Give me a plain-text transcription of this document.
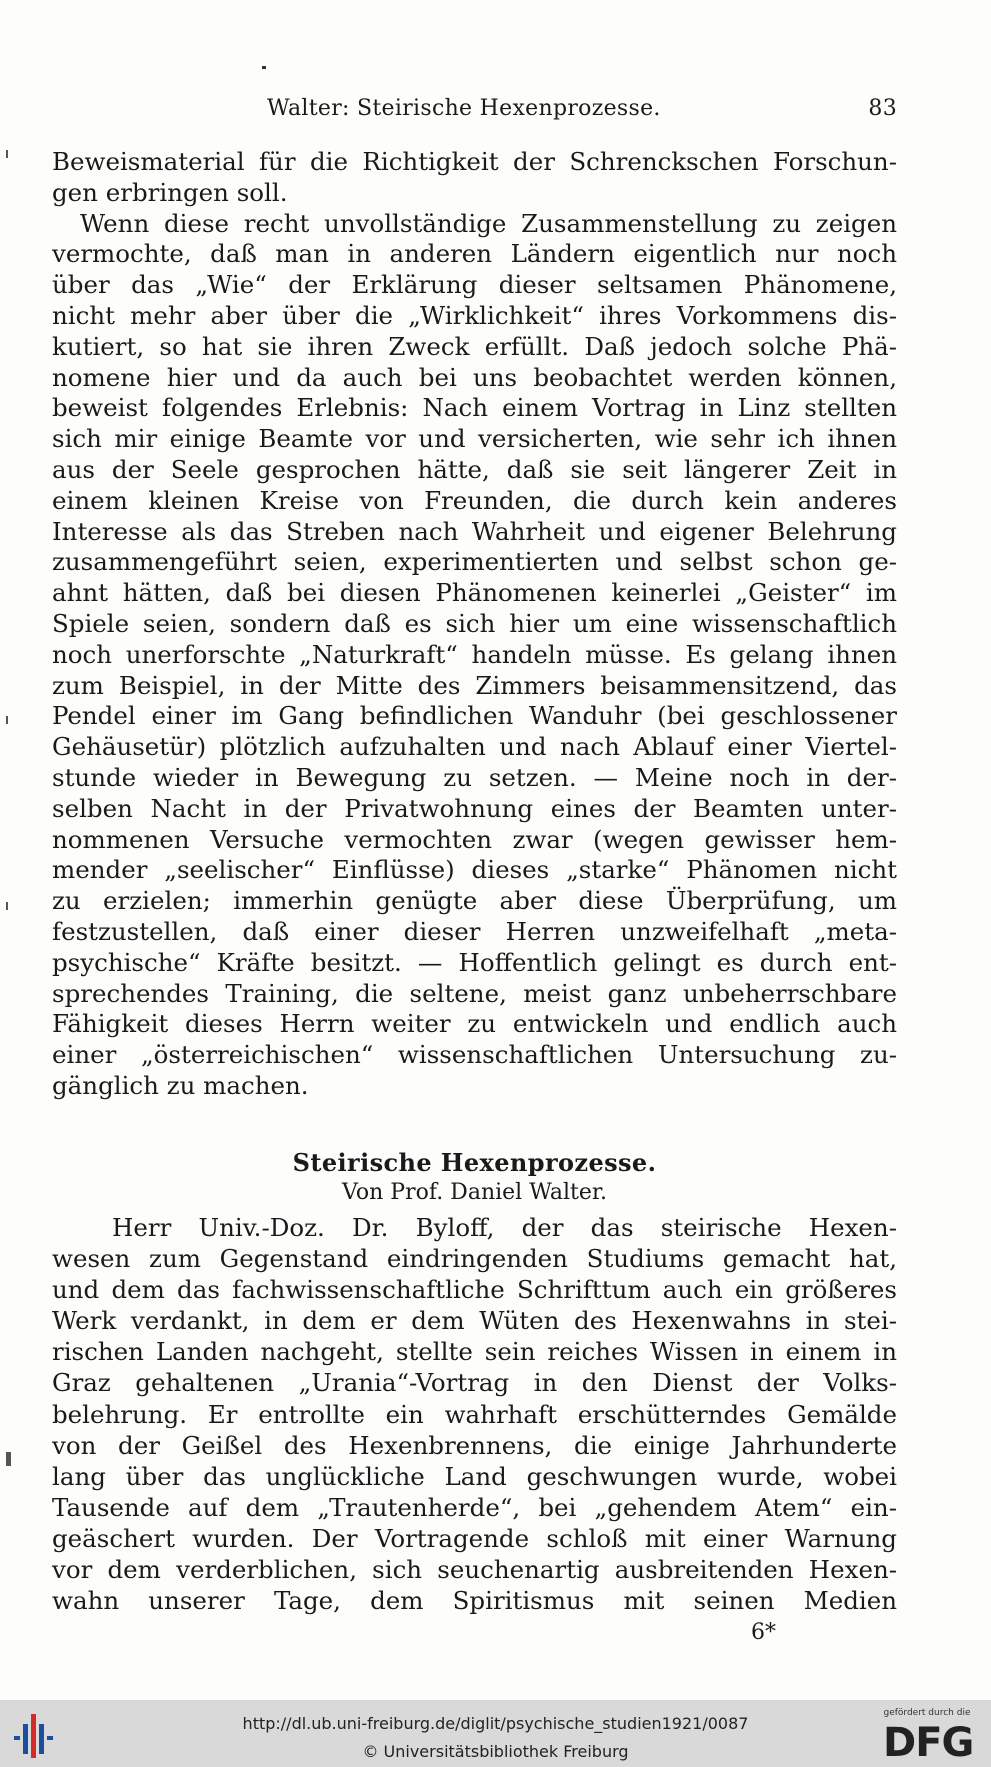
Walter: Steirische Hexenprozesse.	83
Beweismaterial für die Richtigkeit der Schrenckschen Forschun-
gen erbringen soll.
Wenn diese recht unvollständige Zusammenstellung zu zeigen
vermochte, daß man in anderen Ländern eigentlich nur noch
über das „Wie“ der Erklärung dieser seltsamen Phänomene,
nicht mehr aber über die „Wirklichkeit“ ihres Vorkommens dis-
kutiert, so hat sie ihren Zweck erfüllt. Daß jedoch solche Phä-
nomene hier und da auch bei uns beobachtet werden können,
beweist folgendes Erlebnis: Nach einem Vortrag in Linz stellten
sich mir einige Beamte vor und versicherten, wie sehr ich ihnen
aus der Seele gesprochen hätte, daß sie seit längerer Zeit in
einem kleinen Kreise von Freunden, die durch kein anderes
Interesse als das Streben nach Wahrheit und eigener Belehrung
zusammengeführt seien, experimentierten und selbst schon ge-
ahnt hätten, daß bei diesen Phänomenen keinerlei „Geister“ im
Spiele seien, sondern daß es sich hier um eine wissenschaftlich
noch unerforschte „Naturkraft“ handeln müsse. Es gelang ihnen
zum Beispiel, in der Mitte des Zimmers beisammensitzend, das
Pendel einer im Gang befindlichen Wanduhr (bei geschlossener
Gehäusetür) plötzlich aufzuhalten und nach Ablauf einer Viertel-
stunde wieder in Bewegung zu setzen. — Meine noch in der-
selben Nacht in der Privatwohnung eines der Beamten unter-
nommenen Versuche vermochten zwar (wegen gewisser hem-
mender „seelischer“ Einflüsse) dieses „starke“ Phänomen nicht
zu erzielen; immerhin genügte aber diese Überprüfung, um
festzustellen, daß einer dieser Herren unzweifelhaft „meta-
psychische“ Kräfte besitzt. — Hoffentlich gelingt es durch ent-
sprechendes Training, die seltene, meist ganz unbeherrschbare
Fähigkeit dieses Herrn weiter zu entwickeln und endlich auch
einer „österreichischen“ wissenschaftlichen Untersuchung zu-
gänglich zu machen.
Steirische Hexenprozesse.
Von Prof. Daniel Walter.
Herr Univ.-Doz. Dr. Byloff, der das steirische Hexen-
wesen zum Gegenstand eindringenden Studiums gemacht hat,
und dem das fachwissenschaftliche Schrifttum auch ein größeres
Werk verdankt, in dem er dem Wüten des Hexenwahns in stei-
rischen Landen nachgeht, stellte sein reiches Wissen in einem in
Graz gehaltenen „Urania“-Vortrag in den Dienst der Volks-
belehrung. Er entrollte ein wahrhaft erschütterndes Gemälde
von der Geißel des Hexenbrennens, die einige Jahrhunderte
lang über das unglückliche Land geschwungen wurde, wobei
Tausende auf dem „Trautenherde“, bei „gehendem Atem“ ein-
geäschert wurden. Der Vortragende schloß mit einer Warnung
vor dem verderblichen, sich seuchenartig ausbreitenden Hexen-
wahn unserer Tage, dem Spiritismus mit seinen Medien
6*
http://dl.ub.uni-freiburg.de/diglit/psychische_studien1921/0087
© Universitätsbibliothek Freiburg
gefördert durch die
DFG
